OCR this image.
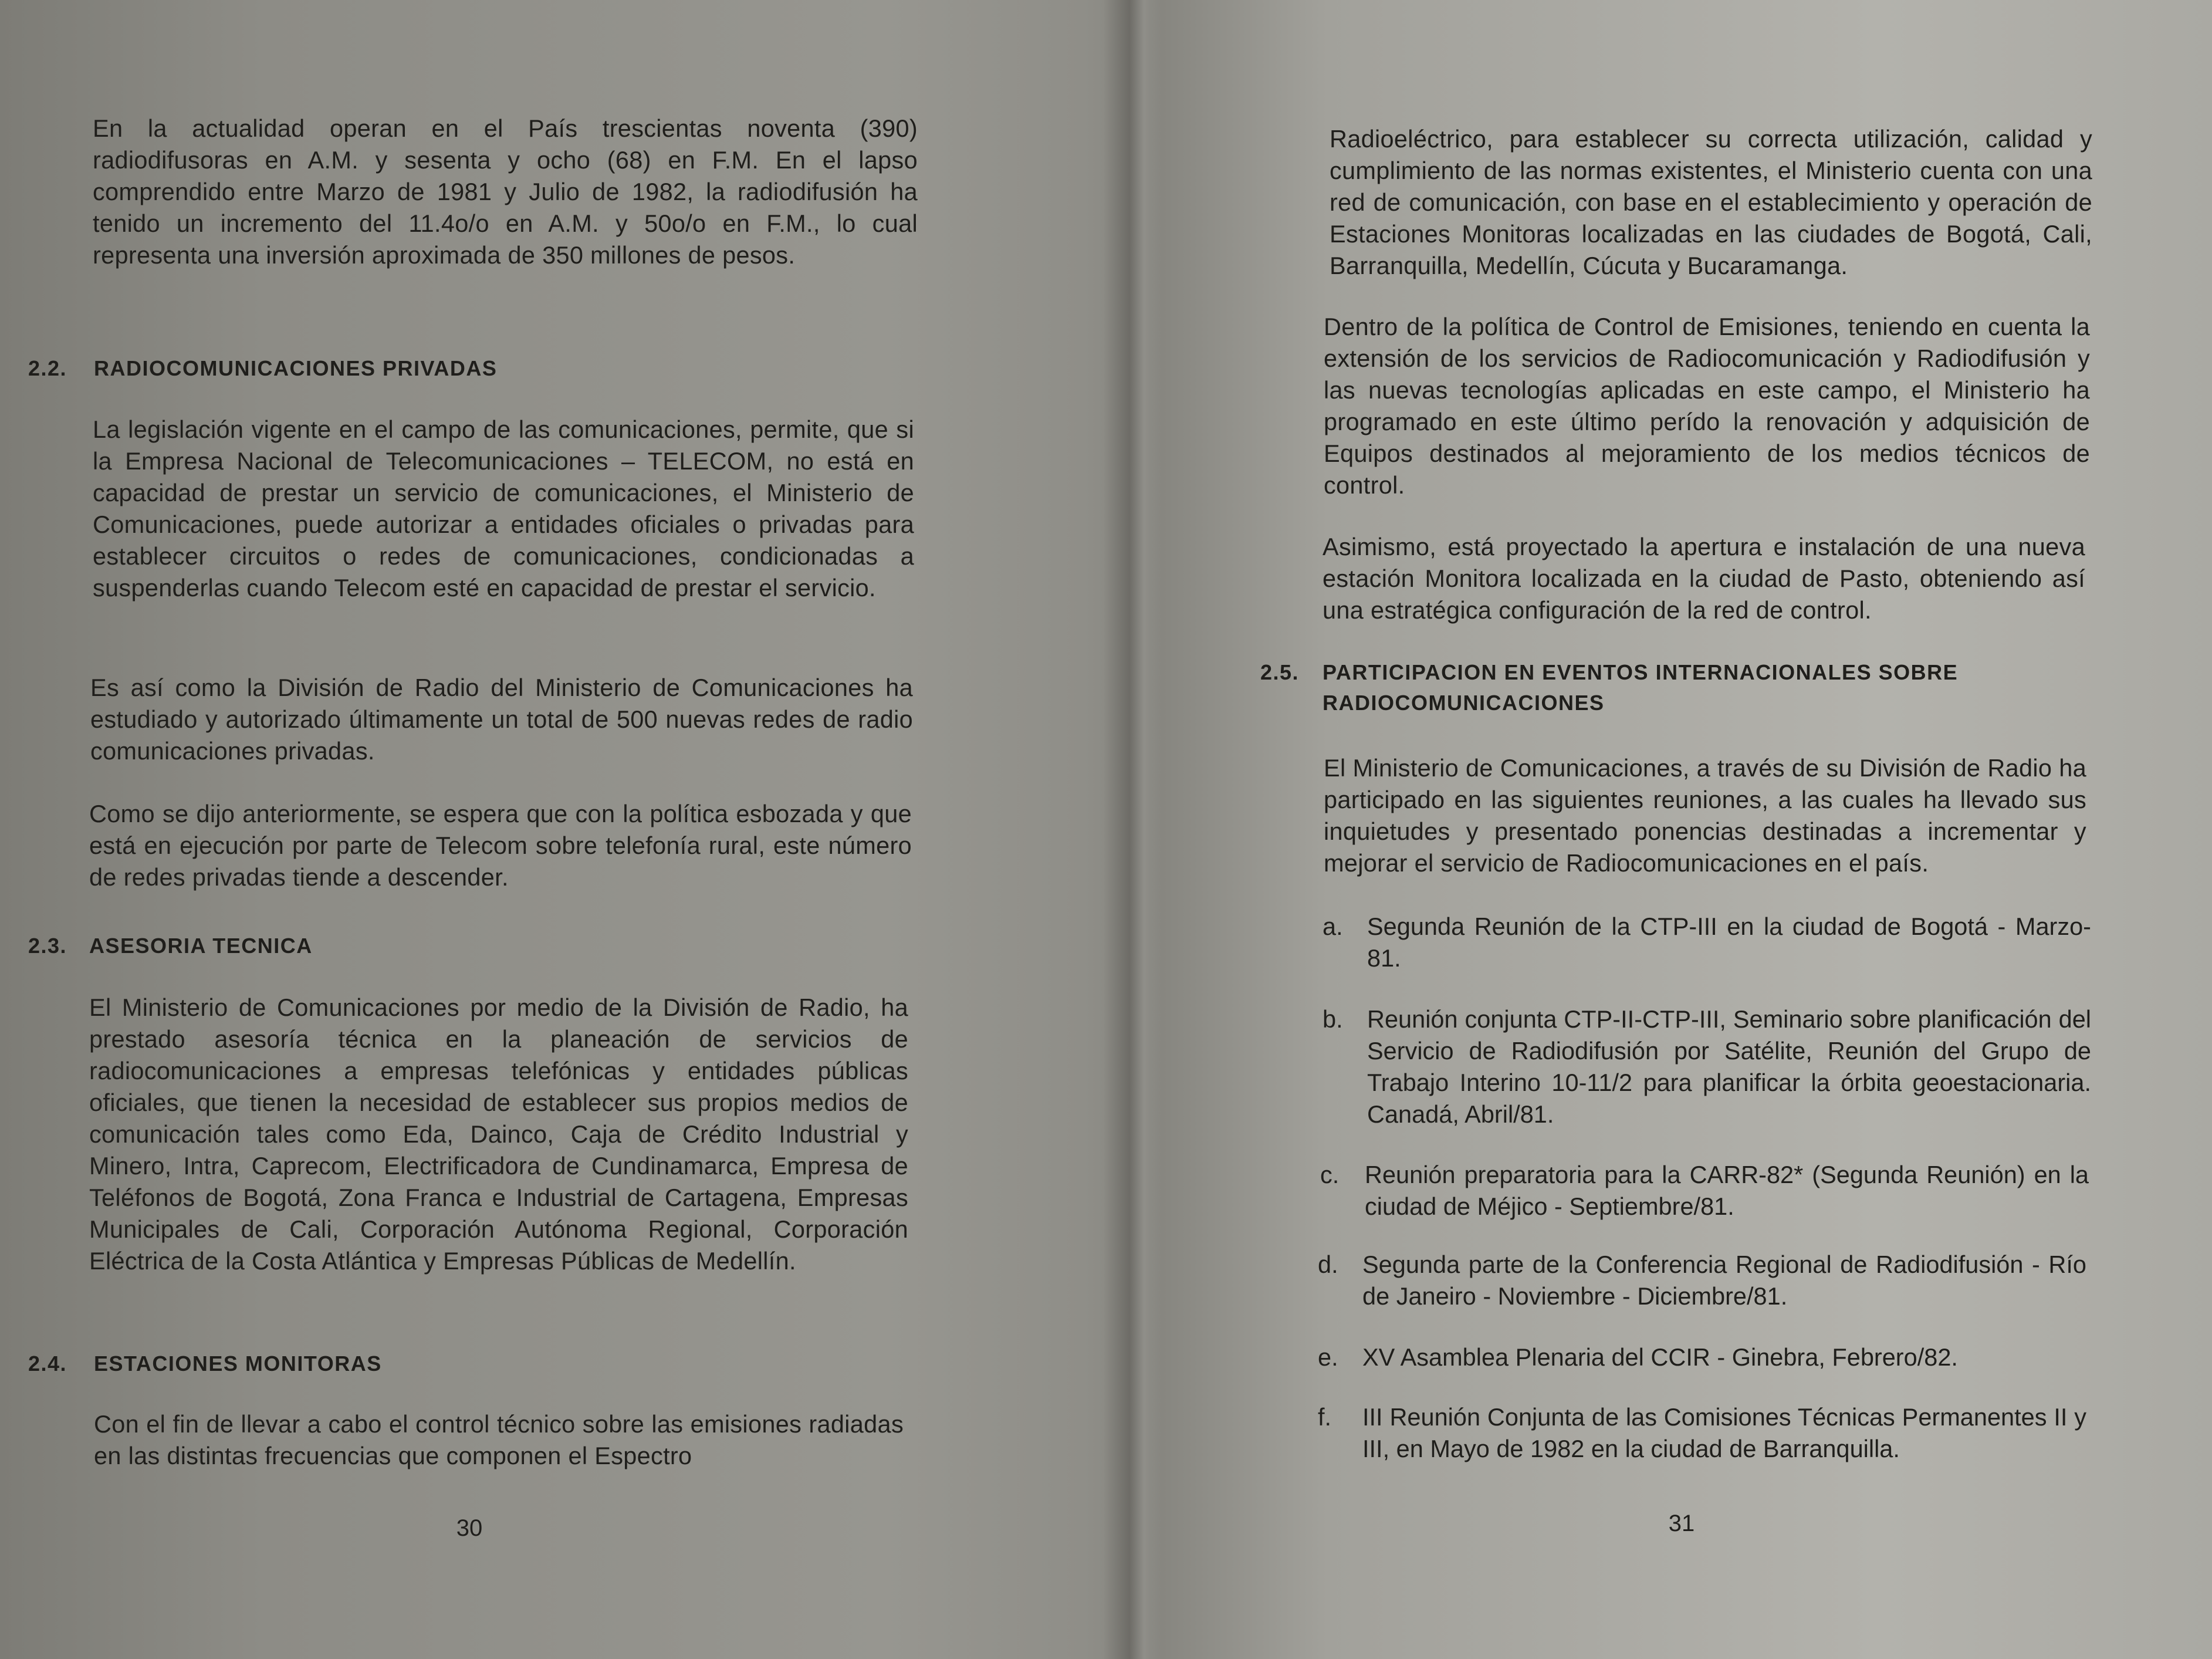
En la actualidad operan en el País trescientas noventa (390) radiodifusoras en A.M. y sesenta y ocho (68) en F.M. En el lapso comprendido entre Marzo de 1981 y Julio de 1982, la radiodifusión ha tenido un incremento del 11.4o/o en A.M. y 50o/o en F.M., lo cual representa una inversión aproximada de 350 millones de pesos.

2.2. RADIOCOMUNICACIONES PRIVADAS

La legislación vigente en el campo de las comunicaciones, permite, que si la Empresa Nacional de Telecomunicaciones – TELECOM, no está en capacidad de prestar un servicio de comunicaciones, el Ministerio de Comunicaciones, puede autorizar a entidades oficiales o privadas para establecer circuitos o redes de comunicaciones, condicionadas a suspenderlas cuando Telecom esté en capacidad de prestar el servicio.

Es así como la División de Radio del Ministerio de Comunicaciones ha estudiado y autorizado últimamente un total de 500 nuevas redes de radio comunicaciones privadas.

Como se dijo anteriormente, se espera que con la política esbozada y que está en ejecución por parte de Telecom sobre telefonía rural, este número de redes privadas tiende a descender.

2.3. ASESORIA TECNICA

El Ministerio de Comunicaciones por medio de la División de Radio, ha prestado asesoría técnica en la planeación de servicios de radiocomunicaciones a empresas telefónicas y entidades públicas oficiales, que tienen la necesidad de establecer sus propios medios de comunicación tales como Eda, Dainco, Caja de Crédito Industrial y Minero, Intra, Caprecom, Electrificadora de Cundinamarca, Empresa de Teléfonos de Bogotá, Zona Franca e Industrial de Cartagena, Empresas Municipales de Cali, Corporación Autónoma Regional, Corporación Eléctrica de la Costa Atlántica y Empresas Públicas de Medellín.

2.4. ESTACIONES MONITORAS

Con el fin de llevar a cabo el control técnico sobre las emisiones radiadas en las distintas frecuencias que componen el Espectro

30

Radioeléctrico, para establecer su correcta utilización, calidad y cumplimiento de las normas existentes, el Ministerio cuenta con una red de comunicación, con base en el establecimiento y operación de Estaciones Monitoras localizadas en las ciudades de Bogotá, Cali, Barranquilla, Medellín, Cúcuta y Bucaramanga.

Dentro de la política de Control de Emisiones, teniendo en cuenta la extensión de los servicios de Radiocomunicación y Radiodifusión y las nuevas tecnologías aplicadas en este campo, el Ministerio ha programado en este último perído la renovación y adquisición de Equipos destinados al mejoramiento de los medios técnicos de control.

Asimismo, está proyectado la apertura e instalación de una nueva estación Monitora localizada en la ciudad de Pasto, obteniendo así una estratégica configuración de la red de control.

2.5. PARTICIPACION EN EVENTOS INTERNACIONALES SOBRE
RADIOCOMUNICACIONES

El Ministerio de Comunicaciones, a través de su División de Radio ha participado en las siguientes reuniones, a las cuales ha llevado sus inquietudes y presentado ponencias destinadas a incrementar y mejorar el servicio de Radiocomunicaciones en el país.

a. Segunda Reunión de la CTP-III en la ciudad de Bogotá - Marzo-81.
b. Reunión conjunta CTP-II-CTP-III, Seminario sobre planificación del Servicio de Radiodifusión por Satélite, Reunión del Grupo de Trabajo Interino 10-11/2 para planificar la órbita geoestacionaria. Canadá, Abril/81.
c. Reunión preparatoria para la CARR-82* (Segunda Reunión) en la ciudad de Méjico - Septiembre/81.
d. Segunda parte de la Conferencia Regional de Radiodifusión - Río de Janeiro - Noviembre - Diciembre/81.
e. XV Asamblea Plenaria del CCIR - Ginebra, Febrero/82.
f. III Reunión Conjunta de las Comisiones Técnicas Permanentes II y III, en Mayo de 1982 en la ciudad de Barranquilla.
31
